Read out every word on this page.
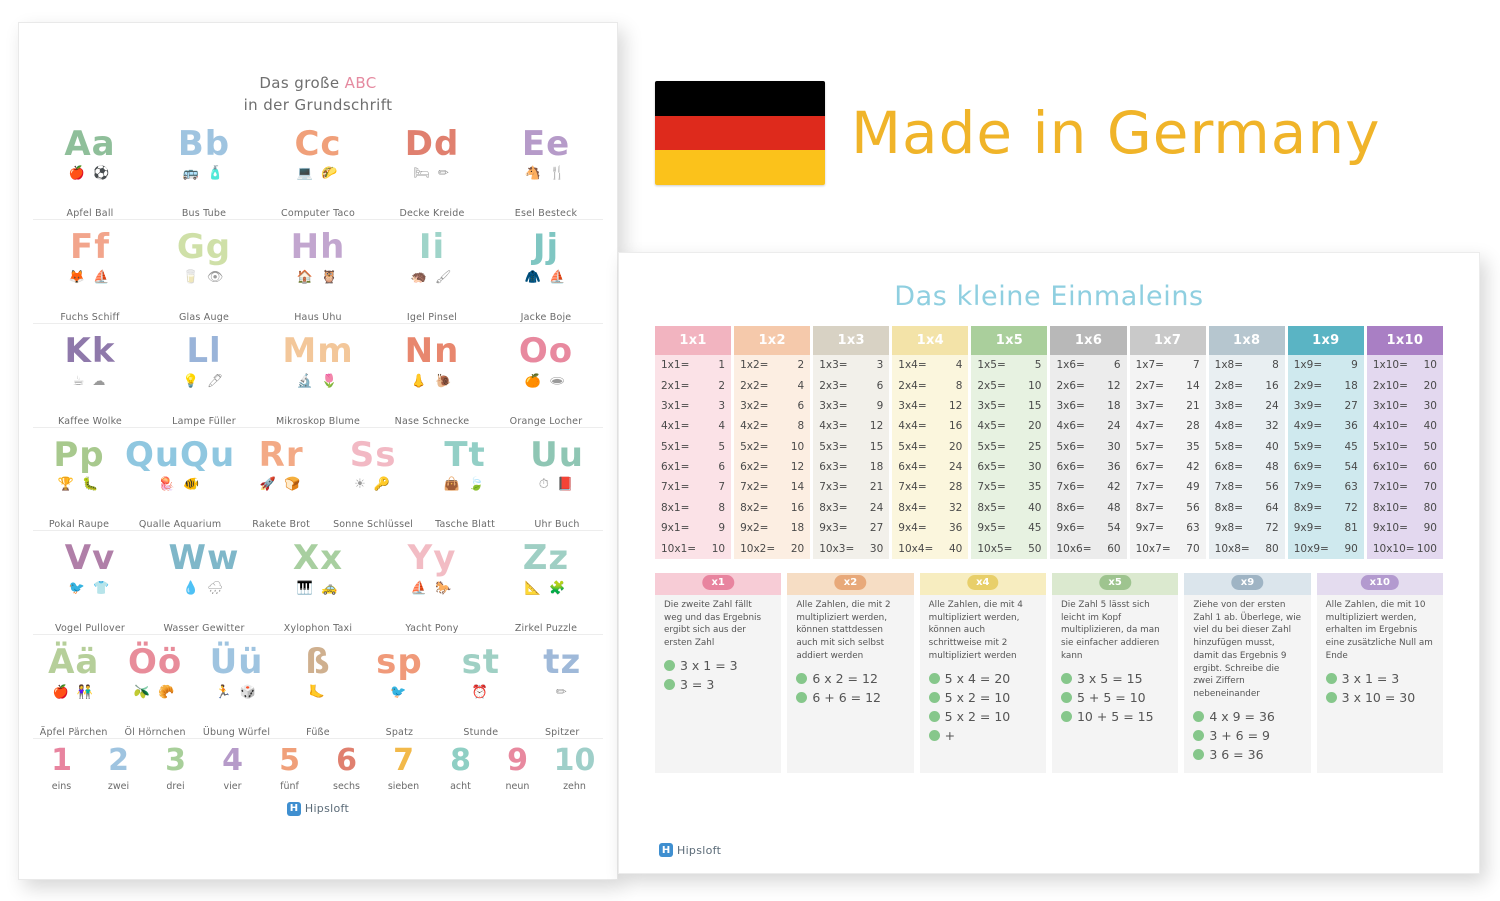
Das große ABC
in der Grundschrift
Aa
🍎 ⚽
Apfel Ball
Bb
🚌 🧴
Bus Tube
Cc
💻 🌮
Computer Taco
Dd
🛏 ✏
Decke Kreide
Ee
🐴 🍴
Esel Besteck
Ff
🦊 ⛵
Fuchs Schiff
Gg
🥛 👁
Glas Auge
Hh
🏠 🦉
Haus Uhu
Ii
🦔 🖌
Igel Pinsel
Jj
🧥 ⛵
Jacke Boje
Kk
☕ ☁
Kaffee Wolke
Ll
💡 🖊
Lampe Füller
Mm
🔬 🌷
Mikroskop Blume
Nn
👃 🐌
Nase Schnecke
Oo
🍊 🕳
Orange Locher
Pp
🏆 🐛
Pokal Raupe
QuQu
🪼 🐠
Qualle Aquarium
Rr
🚀 🍞
Rakete Brot
Ss
☀ 🔑
Sonne Schlüssel
Tt
👜 🍃
Tasche Blatt
Uu
⏱ 📕
Uhr Buch
Vv
🐦 👕
Vogel Pullover
Ww
💧 🌧
Wasser Gewitter
Xx
🎹 🚕
Xylophon Taxi
Yy
⛵ 🐎
Yacht Pony
Zz
📐 🧩
Zirkel Puzzle
Ää
🍎 👫
Äpfel Pärchen
Öö
🫒 🥐
Öl Hörnchen
Üü
🏃 🎲
Übung Würfel
ß
🦶
Füße
sp
🐦
Spatz
st
⏰
Stunde
tz
✏
Spitzer
1
eins
2
zwei
3
drei
4
vier
5
fünf
6
sechs
7
sieben
8
acht
9
neun
10
zehn
H Hipsloft
Made in Germany
Das kleine Einmaleins
1x1
1x1=	1
2x1=	2
3x1=	3
4x1=	4
5x1=	5
6x1=	6
7x1=	7
8x1=	8
9x1=	9
10x1= 10
1x2
1x2=	2
2x2=	4
3x2=	6
4x2=	8
5x2= 10
6x2= 12
7x2= 14
8x2= 16
9x2= 18
10x2= 20
1x3
1x3=	3
2x3=	6
3x3=	9
4x3= 12
5x3= 15
6x3= 18
7x3= 21
8x3= 24
9x3= 27
10x3= 30
1x4
1x4=	4
2x4=	8
3x4= 12
4x4= 16
5x4= 20
6x4= 24
7x4= 28
8x4= 32
9x4= 36
10x4= 40
1x5
1x5=	5
2x5= 10
3x5= 15
4x5= 20
5x5= 25
6x5= 30
7x5= 35
8x5= 40
9x5= 45
10x5= 50
1x6
1x6=	6
2x6= 12
3x6= 18
4x6= 24
5x6= 30
6x6= 36
7x6= 42
8x6= 48
9x6= 54
10x6= 60
1x7
1x7=	7
2x7= 14
3x7= 21
4x7= 28
5x7= 35
6x7= 42
7x7= 49
8x7= 56
9x7= 63
10x7= 70
1x8
1x8=	8
2x8= 16
3x8= 24
4x8= 32
5x8= 40
6x8= 48
7x8= 56
8x8= 64
9x8= 72
10x8= 80
1x9
1x9=	9
2x9= 18
3x9= 27
4x9= 36
5x9= 45
6x9= 54
7x9= 63
8x9= 72
9x9= 81
10x9= 90
1x10
1x10= 10
2x10= 20
3x10= 30
4x10= 40
5x10= 50
6x10= 60
7x10= 70
8x10= 80
9x10= 90
10x10= 100
x1
Die zweite Zahl fällt weg und das Ergebnis ergibt sich aus der ersten Zahl
3 x 1 = 3
3 = 3
x2
Alle Zahlen, die mit 2 multipliziert werden, können stattdessen auch mit sich selbst addiert werden
6 x 2 = 12
6 + 6 = 12
x4
Alle Zahlen, die mit 4 multipliziert werden, können auch schrittweise mit 2 multipliziert werden
5 x 4 = 20
5 x 2 = 10
5 x 2 = 10
+
x5
Die Zahl 5 lässt sich leicht im Kopf multiplizieren, da man sie einfacher addieren kann
3 x 5 = 15
5 + 5 = 10
10 + 5 = 15
x9
Ziehe von der ersten Zahl 1 ab. Überlege, wie viel du bei dieser Zahl hinzufügen musst, damit das Ergebnis 9 ergibt. Schreibe die zwei Ziffern nebeneinander
4 x 9 = 36
3 + 6 = 9
3 6 = 36
x10
Alle Zahlen, die mit 10 multipliziert werden, erhalten im Ergebnis eine zusätzliche Null am Ende
3 x 1 = 3
3 x 10 = 30
H Hipsloft
